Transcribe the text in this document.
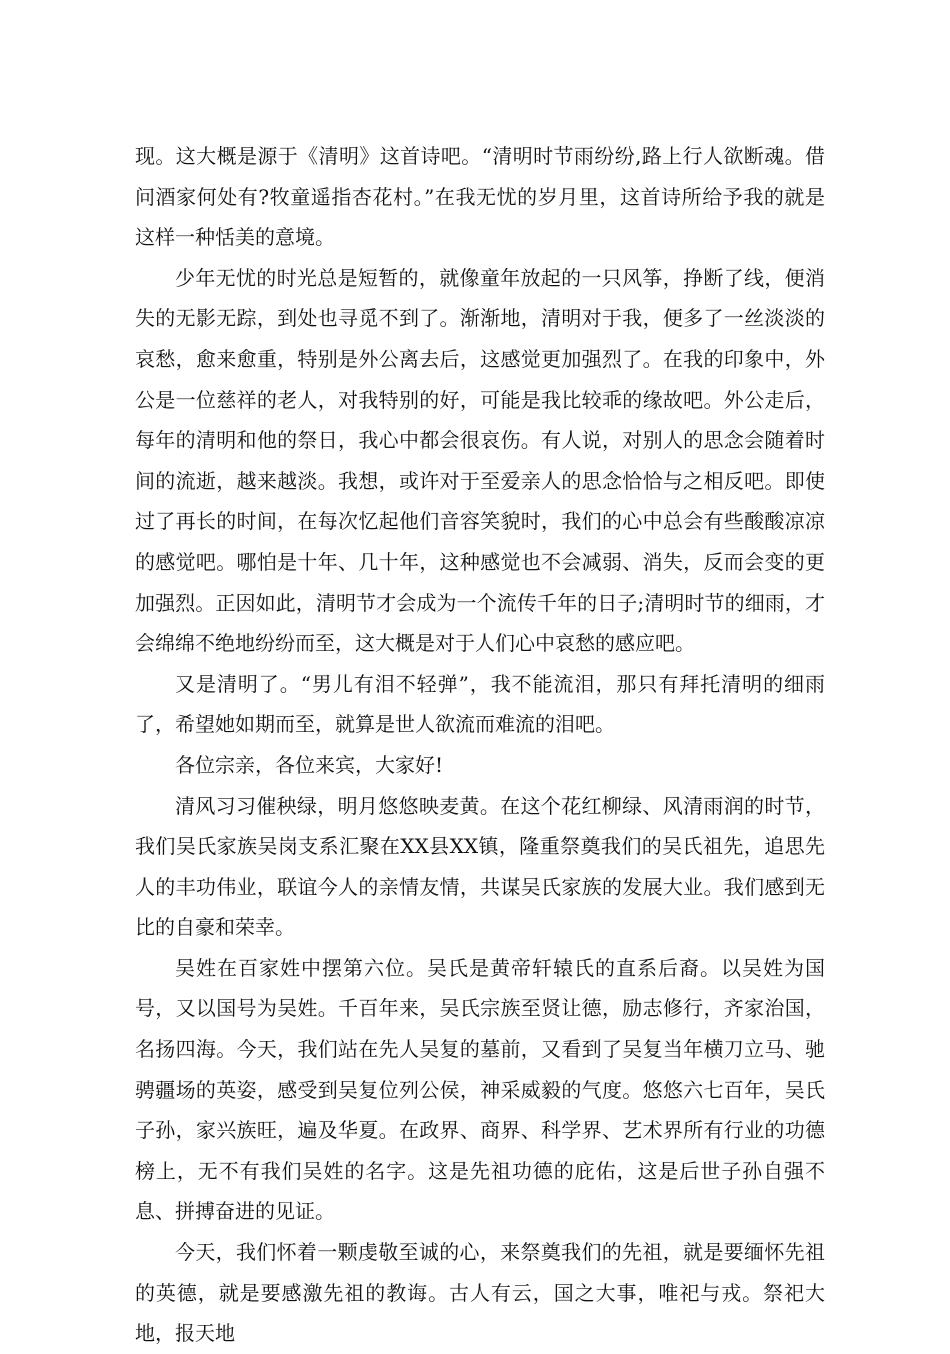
现。这大概是源于《清明》这首诗吧。“清明时节雨纷纷,路上行人欲断魂。借问酒家何处有?牧童遥指杏花村。”在我无忧的岁月里，这首诗所给予我的就是这样一种恬美的意境。

少年无忧的时光总是短暂的，就像童年放起的一只风筝，挣断了线，便消失的无影无踪，到处也寻觅不到了。渐渐地，清明对于我，便多了一丝淡淡的哀愁，愈来愈重，特别是外公离去后，这感觉更加强烈了。在我的印象中，外公是一位慈祥的老人，对我特别的好，可能是我比较乖的缘故吧。外公走后，每年的清明和他的祭日，我心中都会很哀伤。有人说，对别人的思念会随着时间的流逝，越来越淡。我想，或许对于至爱亲人的思念恰恰与之相反吧。即使过了再长的时间，在每次忆起他们音容笑貌时，我们的心中总会有些酸酸凉凉的感觉吧。哪怕是十年、几十年，这种感觉也不会减弱、消失，反而会变的更加强烈。正因如此，清明节才会成为一个流传千年的日子;清明时节的细雨，才会绵绵不绝地纷纷而至，这大概是对于人们心中哀愁的感应吧。

又是清明了。“男儿有泪不轻弹”，我不能流泪，那只有拜托清明的细雨了，希望她如期而至，就算是世人欲流而难流的泪吧。

各位宗亲，各位来宾，大家好!

清风习习催秧绿，明月悠悠映麦黄。在这个花红柳绿、风清雨润的时节，我们吴氏家族吴岗支系汇聚在XX县XX镇，隆重祭奠我们的吴氏祖先，追思先人的丰功伟业，联谊今人的亲情友情，共谋吴氏家族的发展大业。我们感到无比的自豪和荣幸。

吴姓在百家姓中摆第六位。吴氏是黄帝轩辕氏的直系后裔。以吴姓为国号，又以国号为吴姓。千百年来，吴氏宗族至贤让德，励志修行，齐家治国，名扬四海。今天，我们站在先人吴复的墓前，又看到了吴复当年横刀立马、驰骋疆场的英姿，感受到吴复位列公侯，神采威毅的气度。悠悠六七百年，吴氏子孙，家兴族旺，遍及华夏。在政界、商界、科学界、艺术界所有行业的功德榜上，无不有我们吴姓的名字。这是先祖功德的庇佑，这是后世子孙自强不息、拼搏奋进的见证。

今天，我们怀着一颗虔敬至诚的心，来祭奠我们的先祖，就是要缅怀先祖的英德，就是要感激先祖的教诲。古人有云，国之大事，唯祀与戎。祭祀大地，报天地
